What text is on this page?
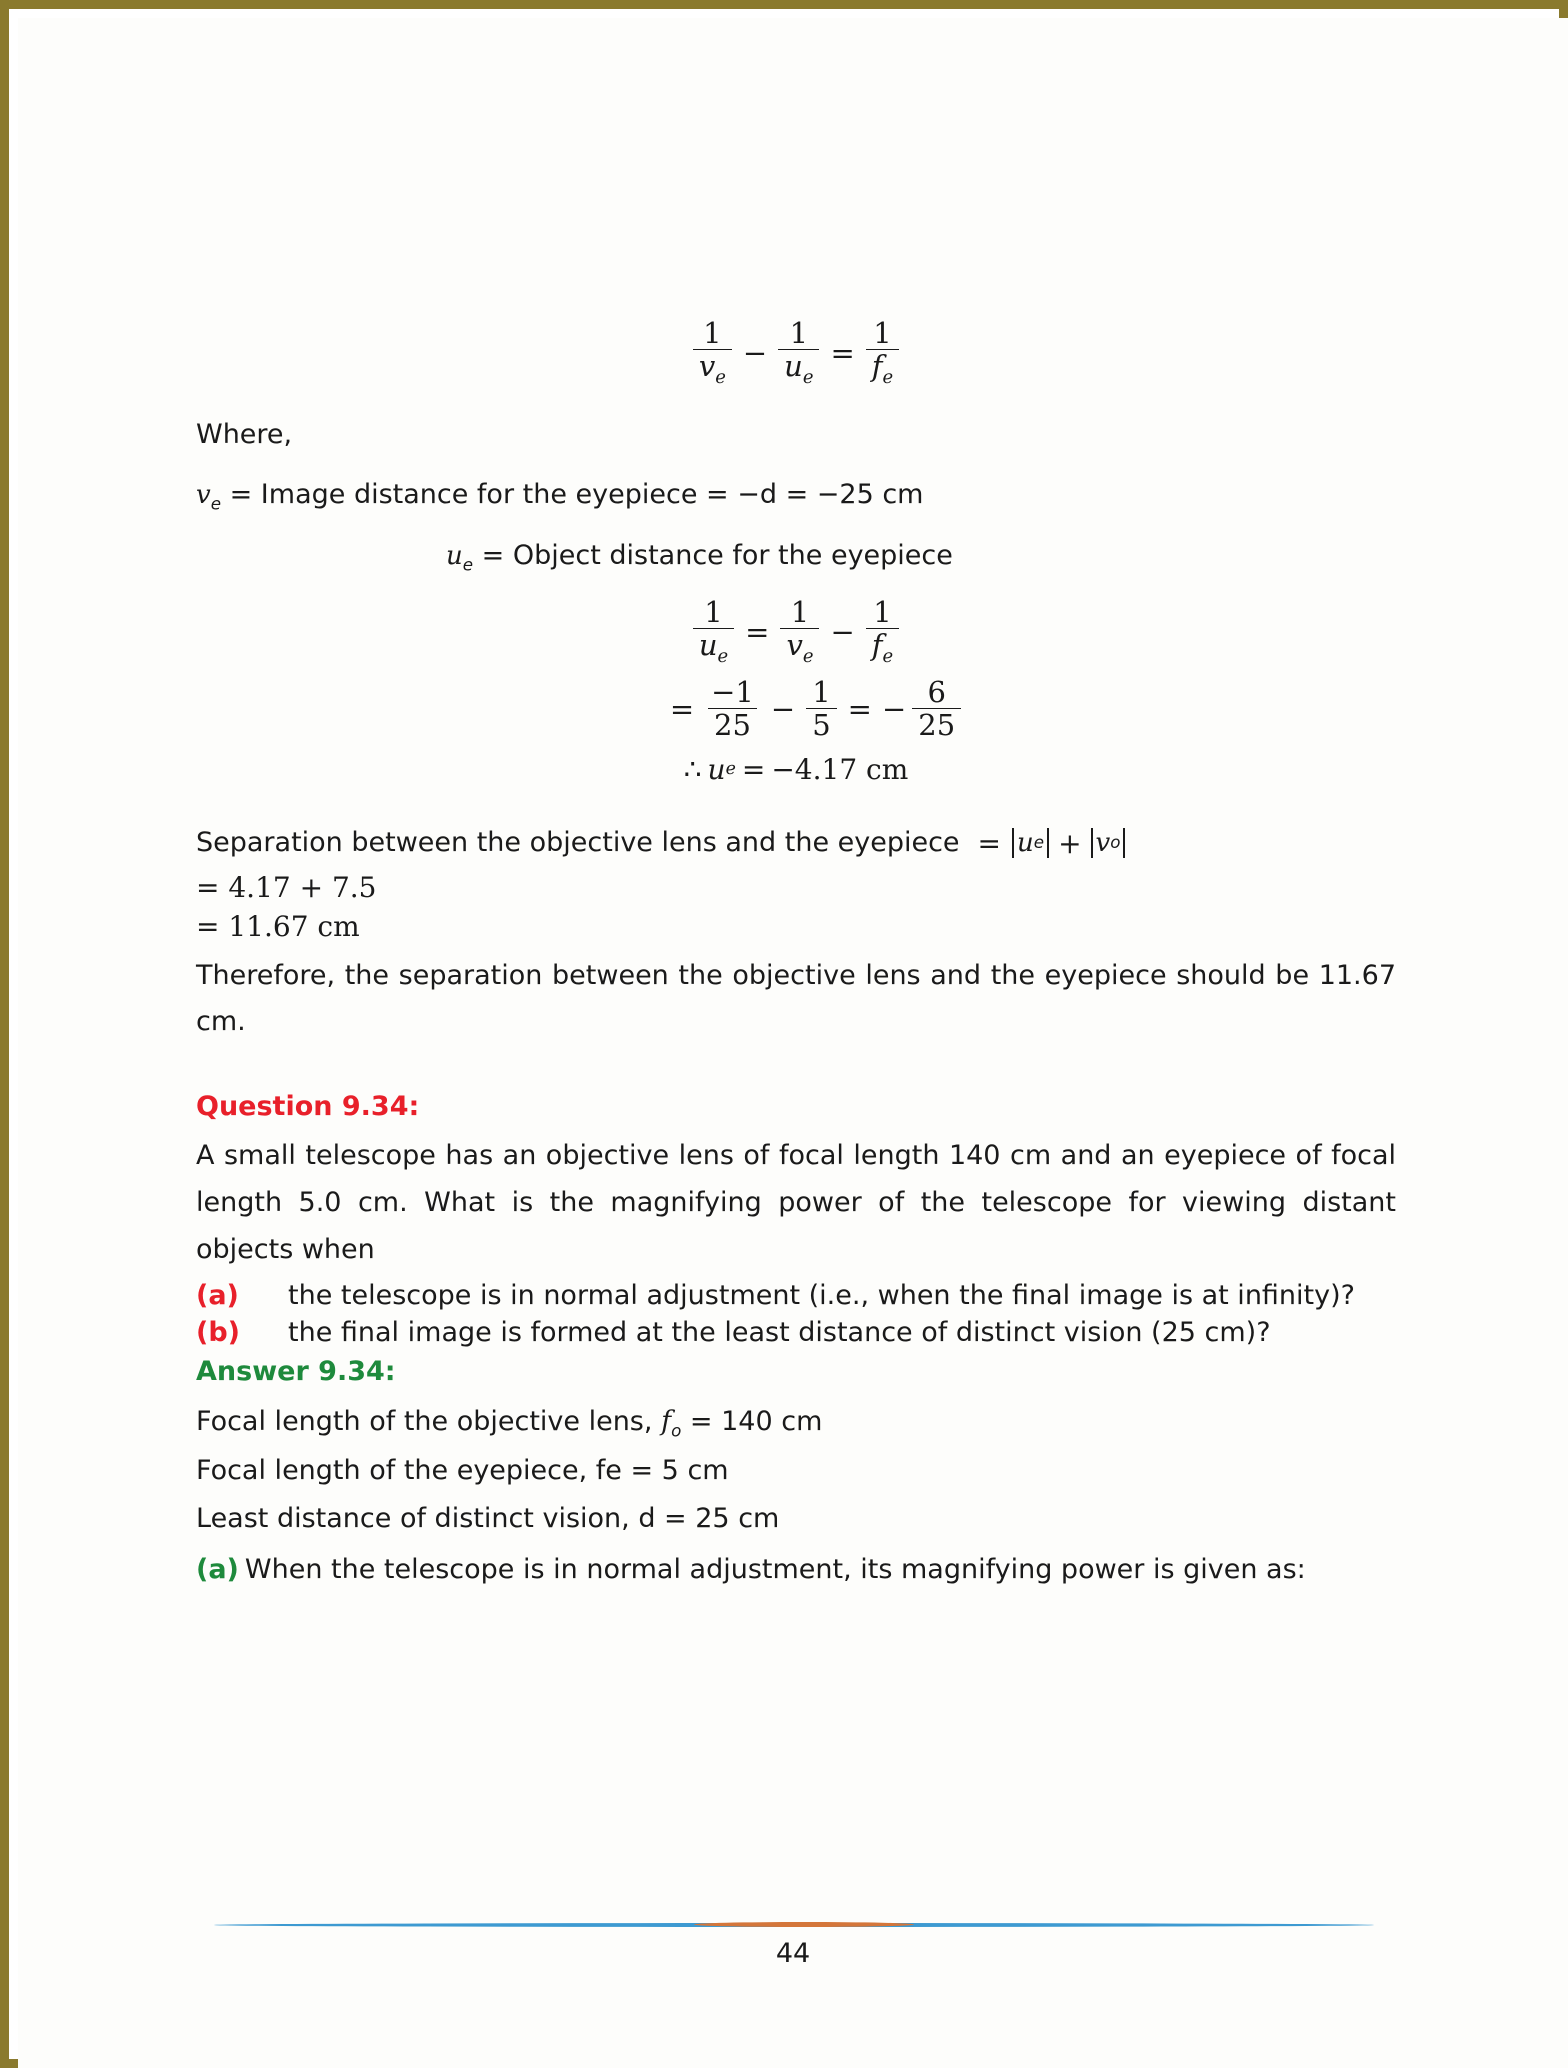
$\frac{1}{v_e} - \frac{1}{u_e} = \frac{1}{f_e}$
Where,
$v_e$ = Image distance for the eyepiece = −d = −25 cm
$u_e$ = Object distance for the eyepiece
$\frac{1}{u_e} = \frac{1}{v_e} - \frac{1}{f_e}$
= $\frac{-1}{25} - \frac{1}{5}$ = − $\frac{6}{25}$
∴ u e = −4.17 cm
Separation between the objective lens and the eyepiece = u e + v o
= 4.17 + 7.5
= 11.67 cm
Therefore, the separation between the objective lens and the eyepiece should be 11.67 cm.
Question 9.34:
A small telescope has an objective lens of focal length 140 cm and an eyepiece of focal length 5.0 cm. What is the magnifying power of the telescope for viewing distant objects when
(a)	the telescope is in normal adjustment (i.e., when the final image is at infinity)?
(b)	the final image is formed at the least distance of distinct vision (25 cm)?
Answer 9.34:
Focal length of the objective lens, $f_o = 140$ cm
Focal length of the eyepiece, fe = 5 cm
Least distance of distinct vision, d = 25 cm
(a) When the telescope is in normal adjustment, its magnifying power is given as:
44
